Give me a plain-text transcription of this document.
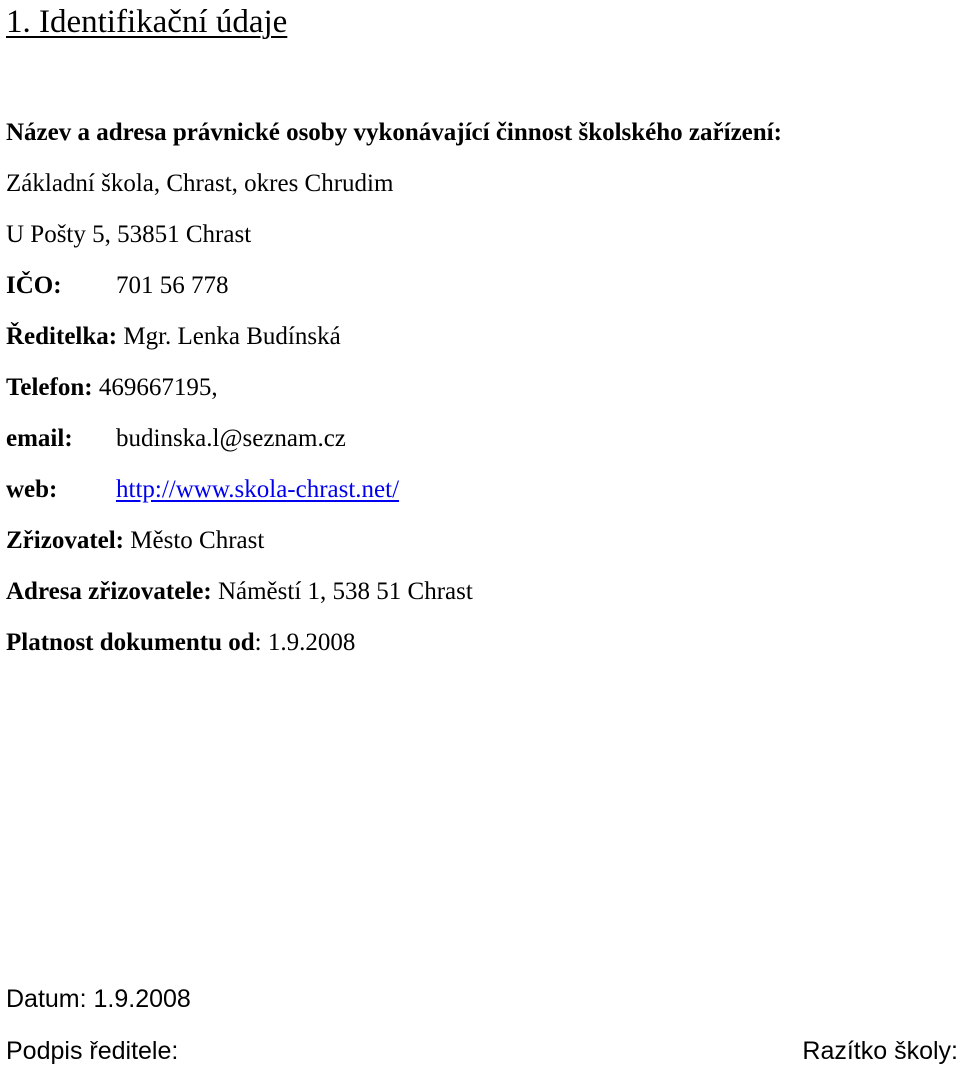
1. Identifikační údaje
Název a adresa právnické osoby vykonávající činnost školského zařízení:
Základní škola, Chrast, okres Chrudim
U Pošty 5, 53851 Chrast
IČO: 701 56 778
Ředitelka: Mgr. Lenka Budínská
Telefon: 469667195,
email: budinska.l@seznam.cz
web: http://www.skola-chrast.net/
Zřizovatel: Město Chrast
Adresa zřizovatele: Náměstí 1, 538 51 Chrast
Platnost dokumentu od: 1.9.2008
Datum: 1.9.2008
Podpis ředitele:	Razítko školy:
